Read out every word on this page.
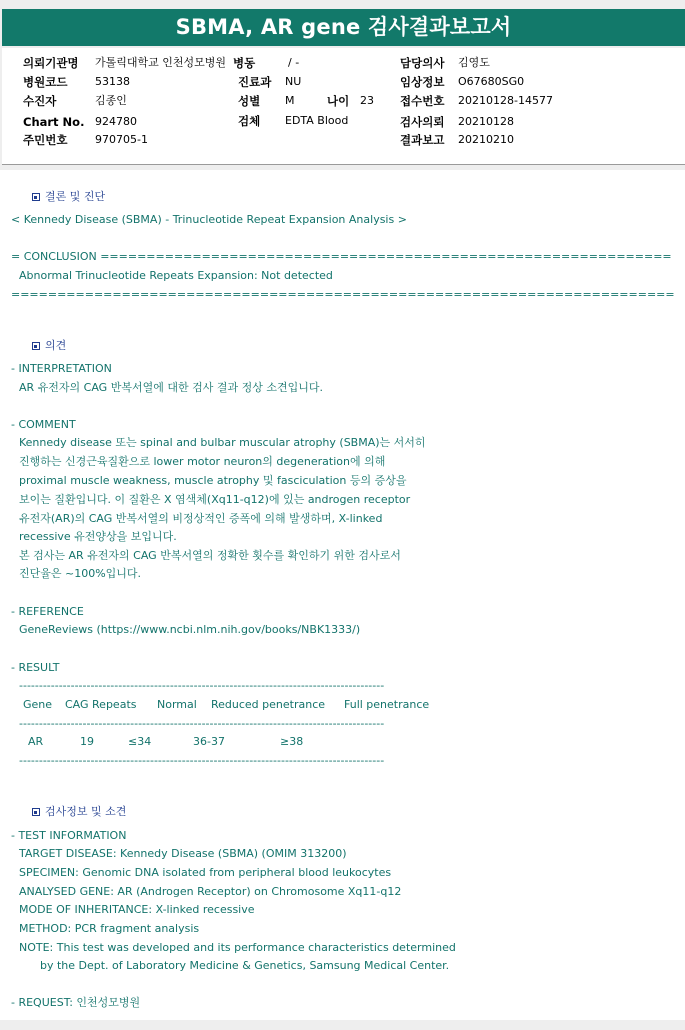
SBMA, AR gene 검사결과보고서
의뢰기관명 가톨릭대학교 인천성모병원 병동	/ -	담당의사 김영도
병원코드	53138	진료과 NU	임상정보 O67680SG0
수진자	김종인	성별 M	나이 23 접수번호 20210128-14577
Chart No. 924780	검체 EDTA Blood	검사의뢰 20210128
주민번호	970705-1	결과보고 20210210

결론 및 진단

< Kennedy Disease (SBMA) - Trinucleotide Repeat Expansion Analysis >
= CONCLUSION ==============================================================
Abnormal Trinucleotide Repeats Expansion: Not detected
========================================================================

의견

- INTERPRETATION
AR 유전자의 CAG 반복서열에 대한 검사 결과 정상 소견입니다.
- COMMENT
Kennedy disease 또는 spinal and bulbar muscular atrophy (SBMA)는 서서히
진행하는 신경근육질환으로 lower motor neuron의 degeneration에 의해
proximal muscle weakness, muscle atrophy 및 fasciculation 등의 증상을
보이는 질환입니다. 이 질환은 X 염색체(Xq11-q12)에 있는 androgen receptor
유전자(AR)의 CAG 반복서열의 비정상적인 증폭에 의해 발생하며, X-linked
recessive 유전양상을 보입니다.
본 검사는 AR 유전자의 CAG 반복서열의 정확한 횟수를 확인하기 위한 검사로서
진단율은 ~100%입니다.
- REFERENCE
GeneReviews (https://www.ncbi.nlm.nih.gov/books/NBK1333/)
- RESULT
--------------------------------------------------------------------------------------------
Gene CAG Repeats Normal Reduced penetrance Full penetrance
--------------------------------------------------------------------------------------------
AR	19	≤34	36-37	≥38
--------------------------------------------------------------------------------------------

검사정보 및 소견

- TEST INFORMATION
TARGET DISEASE: Kennedy Disease (SBMA) (OMIM 313200)
SPECIMEN: Genomic DNA isolated from peripheral blood leukocytes
ANALYSED GENE: AR (Androgen Receptor) on Chromosome Xq11-q12
MODE OF INHERITANCE: X-linked recessive
METHOD: PCR fragment analysis
NOTE: This test was developed and its performance characteristics determined
by the Dept. of Laboratory Medicine & Genetics, Samsung Medical Center.
- REQUEST: 인천성모병원
